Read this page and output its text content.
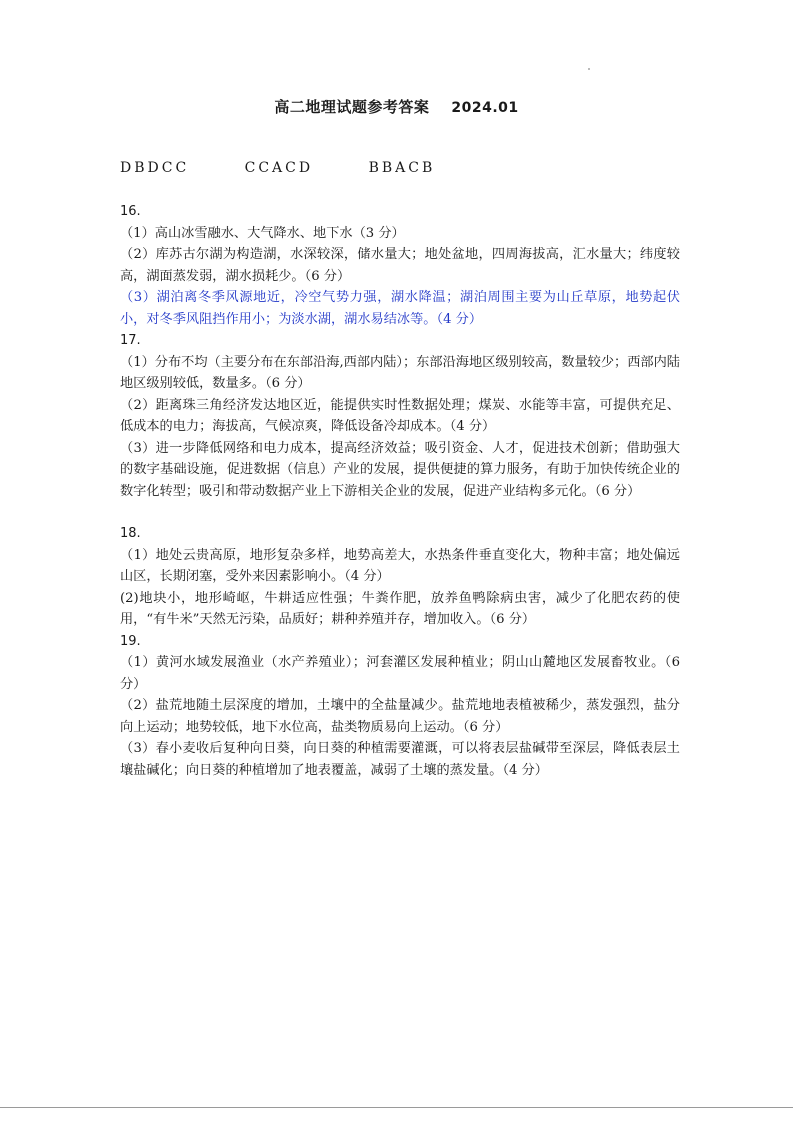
高二地理试题参考答案 2024.01
DBDCC	CCACD	BBACB

16.

（1）高山冰雪融水、大气降水、地下水（3 分）

（2）库苏古尔湖为构造湖，水深较深，储水量大；地处盆地，四周海拔高，汇水量大；纬度较高，湖面蒸发弱，湖水损耗少。（6 分）

（3）湖泊离冬季风源地近，冷空气势力强，湖水降温；湖泊周围主要为山丘草原，地势起伏小，对冬季风阻挡作用小；为淡水湖，湖水易结冰等。（4 分）

17.

（1）分布不均（主要分布在东部沿海,西部内陆）；东部沿海地区级别较高，数量较少；西部内陆地区级别较低，数量多。（6 分）

（2）距离珠三角经济发达地区近，能提供实时性数据处理；煤炭、水能等丰富，可提供充足、低成本的电力；海拔高，气候凉爽，降低设备冷却成本。（4 分）

（3）进一步降低网络和电力成本，提高经济效益；吸引资金、人才，促进技术创新；借助强大的数字基础设施，促进数据（信息）产业的发展，提供便捷的算力服务，有助于加快传统企业的数字化转型；吸引和带动数据产业上下游相关企业的发展，促进产业结构多元化。（6 分）

18.

（1）地处云贵高原，地形复杂多样，地势高差大，水热条件垂直变化大，物种丰富；地处偏远山区，长期闭塞，受外来因素影响小。（4 分）

(2)地块小，地形崎岖，牛耕适应性强；牛粪作肥，放养鱼鸭除病虫害，减少了化肥农药的使用，“有牛米”天然无污染，品质好；耕种养殖并存，增加收入。（6 分）

19.

（1）黄河水域发展渔业（水产养殖业）；河套灌区发展种植业；阴山山麓地区发展畜牧业。（6 分）

（2）盐荒地随土层深度的增加，土壤中的全盐量减少。盐荒地地表植被稀少，蒸发强烈，盐分向上运动；地势较低，地下水位高，盐类物质易向上运动。（6 分）

（3）春小麦收后复种向日葵，向日葵的种植需要灌溉，可以将表层盐碱带至深层，降低表层土壤盐碱化；向日葵的种植增加了地表覆盖，减弱了土壤的蒸发量。（4 分）
